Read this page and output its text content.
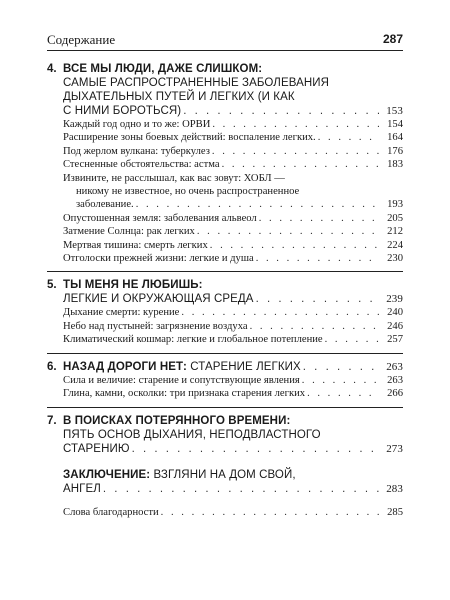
Содержание	287
4. ВСЕ МЫ ЛЮДИ, ДАЖЕ СЛИШКОМ:
САМЫЕ РАСПРОСТРАНЕННЫЕ ЗАБОЛЕВАНИЯ
ДЫХАТЕЛЬНЫХ ПУТЕЙ И ЛЕГКИХ (И КАК
С НИМИ БОРОТЬСЯ) . . .	153
Каждый год одно и то же: ОРВИ . . .	154
Расширение зоны боевых действий: воспаление легких. . . .	164
Под жерлом вулкана: туберкулез . . .	176
Стесненные обстоятельства: астма . . .	183
Извините, не расслышал, как вас зовут: ХОБЛ —
никому не известное, но очень распространенное
заболевание. . . .	193
Опустошенная земля: заболевания альвеол . . .	205
Затмение Солнца: рак легких . . .	212
Мертвая тишина: смерть легких . . .	224
Отголоски прежней жизни: легкие и душа . . .	230
5. ТЫ МЕНЯ НЕ ЛЮБИШЬ:
ЛЕГКИЕ И ОКРУЖАЮЩАЯ СРЕДА . . .	239
Дыхание смерти: курение . . .	240
Небо над пустыней: загрязнение воздуха . . .	246
Климатический кошмар: легкие и глобальное потепление . . .	257
6. НАЗАД ДОРОГИ НЕТ: СТАРЕНИЕ ЛЕГКИХ . . .	263
Сила и величие: старение и сопутствующие явления . . .	263
Глина, камни, осколки: три признака старения легких . . .	266
7. В ПОИСКАХ ПОТЕРЯННОГО ВРЕМЕНИ:
ПЯТЬ ОСНОВ ДЫХАНИЯ, НЕПОДВЛАСТНОГО
СТАРЕНИЮ . . .	273
ЗАКЛЮЧЕНИЕ: ВЗГЛЯНИ НА ДОМ СВОЙ,
АНГЕЛ . . .	283
Слова благодарности . . .	285
